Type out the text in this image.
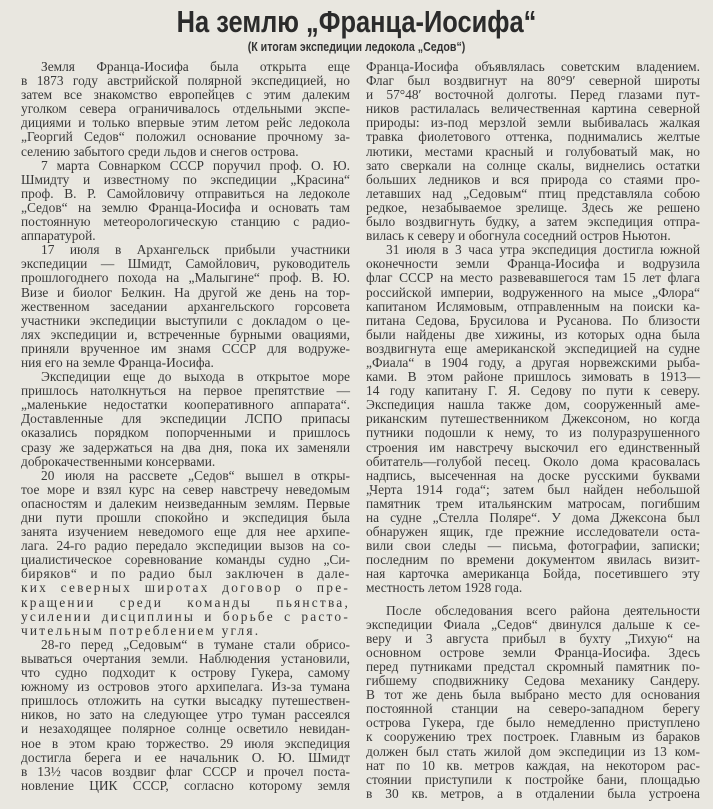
На землю „Франца-Иосифа“
(К итогам экспедиции ледокола „Седов“)
Земля Франца-Иосифа была открыта еще
в 1873 году австрийской полярной экспедицией, но
затем все знакомство европейцев с этим далеким
уголком севера ограничивалось отдельными экспе-
дициями и только впервые этим летом рейс ледокола
„Георгий Седов“ положил основание прочному за-
селению забытого среди льдов и снегов острова.
7 марта Совнарком СССР поручил проф. О. Ю.
Шмидту и известному по экспедиции „Красина“
проф. В. Р. Самойловичу отправиться на ледоколе
„Седов“ на землю Франца-Иосифа и основать там
постоянную метеорологическую станцию с радио-
аппаратурой.
17 июля в Архангельск прибыли участники
экспедиции — Шмидт, Самойлович, руководитель
прошлогоднего похода на „Малыгине“ проф. В. Ю.
Визе и биолог Белкин. На другой же день на тор-
жественном заседании архангельского горсовета
участники экспедиции выступили с докладом о це-
лях экспедиции и, встреченные бурными овациями,
приняли врученное им знамя СССР для водруже-
ния его на земле Франца-Иосифа.
Экспедиции еще до выхода в открытое море
пришлось натолкнуться на первое препятствие —
„маленькие недостатки кооперативного аппарата“.
Доставленные для экспедиции ЛСПО припасы
оказались порядком попорченными и пришлось
сразу же задержаться на два дня, пока их заменяли
доброкачественными консервами.
20 июля на рассвете „Седов“ вышел в откры-
тое море и взял курс на север навстречу неведомым
опасностям и далеким неизведанным землям. Первые
дни пути прошли спокойно и экспедиция была
занята изучением неведомого еще для нее архипе-
лага. 24-го радио передало экспедиции вызов на со-
циалистическое соревнование команды судно „Си-
биряков“ и по радио был заключен в дале-
ких северных широтах договор о пре-
кращении среди команды пьянства,
усилении дисциплины и борьбе с расто-
чительным потреблением угля.
28-го перед „Седовым“ в тумане стали обрисо-
вываться очертания земли. Наблюдения установили,
что судно подходит к острову Гукера, самому
южному из островов этого архипелага. Из-за тумана
пришлось отложить на сутки высадку путешествен-
ников, но зато на следующее утро туман рассеялся
и незаходящее полярное солнце осветило невидан-
ное в этом краю торжество. 29 июля экспедиция
достигла берега и ее начальник О. Ю. Шмидт
в 13½ часов воздвиг флаг СССР и прочел поста-
новление ЦИК СССР, согласно которому земля
Франца-Иосифа объявлялась советским владением.
Флаг был воздвигнут на 80°9′ северной широты
и 57°48′ восточной долготы. Перед глазами пут-
ников растилалась величественная картина северной
природы: из-под мерзлой земли выбивалась жалкая
травка фиолетового оттенка, поднимались желтые
лютики, местами красный и голубоватый мак, но
зато сверкали на солнце скалы, виднелись остатки
больших ледников и вся природа со стаями про-
летавших над „Седовым“ птиц представляла собою
редкое, незабываемое зрелище. Здесь же решено
было воздвигнуть будку, а затем экспедиция отпра-
вилась к северу и обогнула соседний остров Ньютон.
31 июля в 3 часа утра экспедиция достигла южной
оконечности земли Франца-Иосифа и водрузила
флаг СССР на место развевавшегося там 15 лет флага
российской империи, водруженного на мысе „Флора“
капитаном Ислямовым, отправленным на поиски ка-
питана Седова, Брусилова и Русанова. По близости
были найдены две хижины, из которых одна была
воздвигнута еще американской экспедицией на судне
„Фиала“ в 1904 году, а другая норвежскими рыба-
ками. В этом районе пришлось зимовать в 1913—
14 году капитану Г. Я. Седову по пути к северу.
Экспедиция нашла также дом, сооруженный аме-
риканским путешественником Джексоном, но когда
путники подошли к нему, то из полуразрушенного
строения им навстречу выскочил его единственный
обитатель—голубой песец. Около дома красовалась
надпись, высеченная на доске русскими буквами
„Черта 1914 года“; затем был найден небольшой
памятник трем итальянским матросам, погибшим
на судне „Стелла Поляре“. У дома Джексона был
обнаружен ящик, где прежние исследователи оста-
вили свои следы — письма, фотографии, записки;
последним по времени документом явилась визит-
ная карточка американца Бойда, посетившего эту
местность летом 1928 года.
После обследования всего района деятельности
экспедиции Фиала „Седов“ двинулся дальше к се-
веру и 3 августа прибыл в бухту „Тихую“ на
основном острове земли Франца-Иосифа. Здесь
перед путниками предстал скромный памятник по-
гибшему сподвижнику Седова механику Сандеру.
В тот же день была выбрано место для основания
постоянной станции на северо-западном берегу
острова Гукера, где было немедленно приступлено
к сооружению трех построек. Главным из бараков
должен был стать жилой дом экспедиции из 13 ком-
нат по 10 кв. метров каждая, на некотором рас-
стоянии приступили к постройке бани, площадью
в 30 кв. метров, а в отдалении была устроена
